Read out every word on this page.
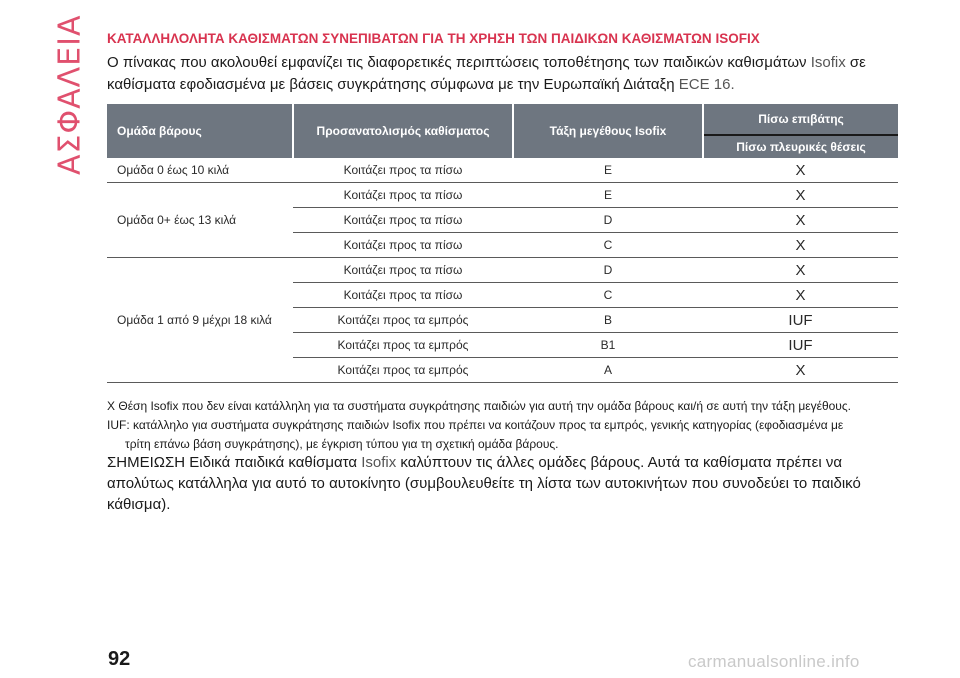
ΑΣΦΑΛΕΙΑ ΚΑΤΑΛΛΗΛΟΛΗΤΑ ΚΑΘΙΣΜΑΤΩΝ ΣΥΝΕΠΙΒΑΤΩΝ ΓΙΑ ΤΗ ΧΡΗΣΗ ΤΩΝ ΠΑΙΔΙΚΩΝ ΚΑΘΙΣΜΑΤΩΝ ISOFIX
Ο πίνακας που ακολουθεί εμφανίζει τις διαφορετικές περιπτώσεις τοποθέτησης των παιδικών καθισμάτων Isofix σε καθίσματα εφοδιασμένα με βάσεις συγκράτησης σύμφωνα με την Ευρωπαϊκή Διάταξη ECE 16.
Ομάδα βάρους	Προσανατολισμός καθίσματος	Τάξη μεγέθους Isofix	Πίσω επιβάτης
			Πίσω πλευρικές θέσεις
Ομάδα 0 έως 10 κιλά	Κοιτάζει προς τα πίσω	E	X
Ομάδα 0+ έως 13 κιλά	Κοιτάζει προς τα πίσω	E	X
	Κοιτάζει προς τα πίσω	D	X
	Κοιτάζει προς τα πίσω	C	X
Ομάδα 1 από 9 μέχρι 18 κιλά	Κοιτάζει προς τα πίσω	D	X
	Κοιτάζει προς τα πίσω	C	X
	Κοιτάζει προς τα εμπρός	B	IUF
	Κοιτάζει προς τα εμπρός	B1	IUF
	Κοιτάζει προς τα εμπρός	A	X

X Θέση Isofix που δεν είναι κατάλληλη για τα συστήματα συγκράτησης παιδιών για αυτή την ομάδα βάρους και/ή σε αυτή την τάξη μεγέθους.

IUF: κατάλληλο για συστήματα συγκράτησης παιδιών Isofix που πρέπει να κοιτάζουν προς τα εμπρός, γενικής κατηγορίας (εφοδιασμένα με

τρίτη επάνω βάση συγκράτησης), με έγκριση τύπου για τη σχετική ομάδα βάρους.

ΣΗΜΕΙΩΣΗ Ειδικά παιδικά καθίσματα Isofix καλύπτουν τις άλλες ομάδες βάρους. Αυτά τα καθίσματα πρέπει να απολύτως κατάλληλα για αυτό το αυτοκίνητο (συμβουλευθείτε τη λίστα των αυτοκινήτων που συνοδεύει το παιδικό κάθισμα).
92	carmanualsonline.info
